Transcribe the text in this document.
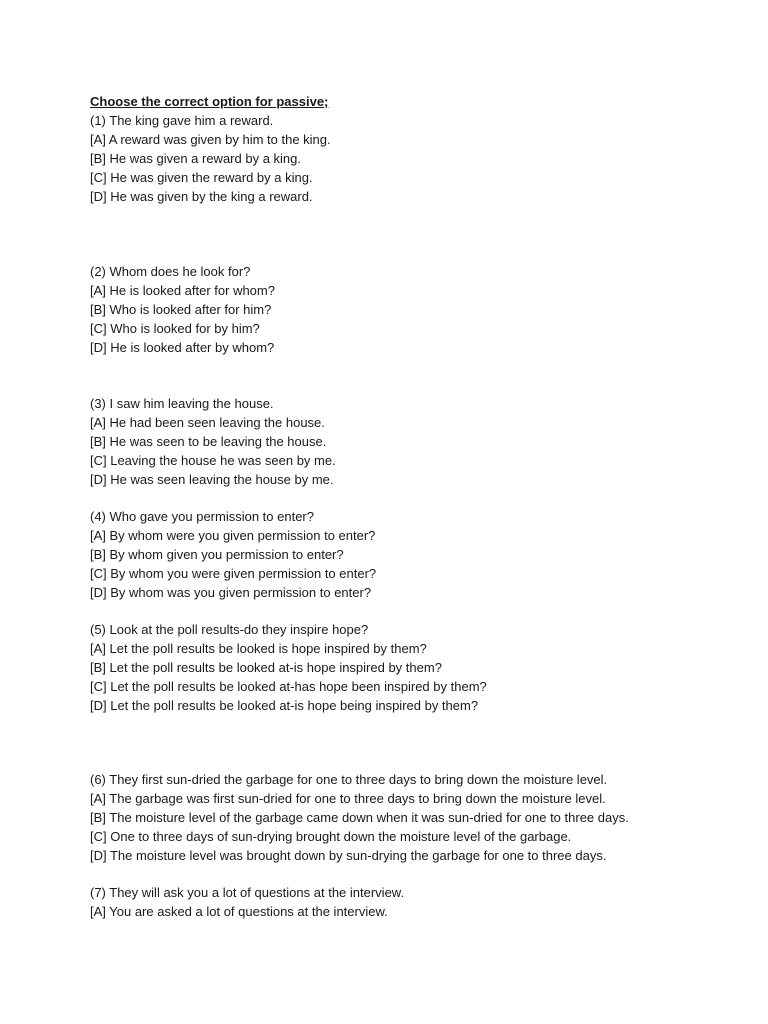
Choose the correct option for passive;
(1) The king gave him a reward.
[A] A reward was given by him to the king.
[B] He was given a reward by a king.
[C] He was given the reward by a king.
[D] He was given by the king a reward.
(2) Whom does he look for?
[A] He is looked after for whom?
[B] Who is looked after for him?
[C] Who is looked for by him?
[D] He is looked after by whom?
(3) I saw him leaving the house.
[A] He had been seen leaving the house.
[B] He was seen to be leaving the house.
[C] Leaving the house he was seen by me.
[D] He was seen leaving the house by me.
(4) Who gave you permission to enter?
[A] By whom were you given permission to enter?
[B] By whom given you permission to enter?
[C] By whom you were given permission to enter?
[D] By whom was you given permission to enter?
(5) Look at the poll results-do they inspire hope?
[A] Let the poll results be looked is hope inspired by them?
[B] Let the poll results be looked at-is hope inspired by them?
[C] Let the poll results be looked at-has hope been inspired by them?
[D] Let the poll results be looked at-is hope being inspired by them?
(6) They first sun-dried the garbage for one to three days to bring down the moisture level.
[A] The garbage was first sun-dried for one to three days to bring down the moisture level.
[B] The moisture level of the garbage came down when it was sun-dried for one to three days.
[C] One to three days of sun-drying brought down the moisture level of the garbage.
[D] The moisture level was brought down by sun-drying the garbage for one to three days.
(7) They will ask you a lot of questions at the interview.
[A] You are asked a lot of questions at the interview.
